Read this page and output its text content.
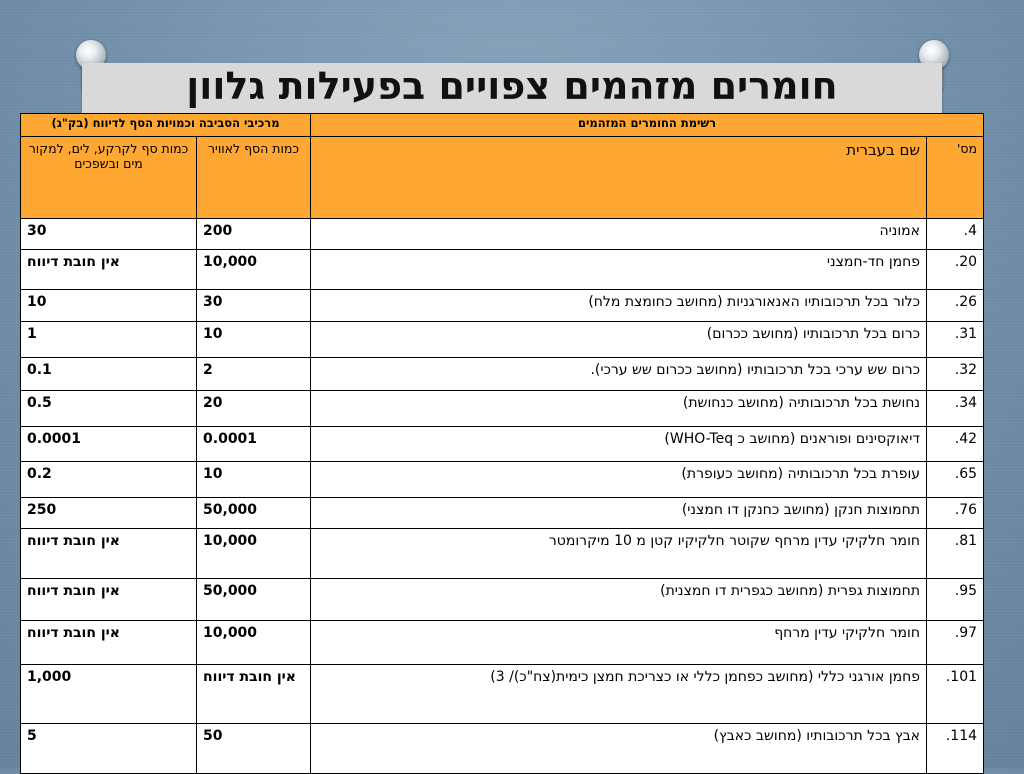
חומרים מזהמים צפויים בפעילות גלוון
רשימת החומרים המזהמים		מרכיבי הסביבה וכמויות הסף לדיווח (בק"ג)	
מס'	שם בעברית	כמות הסף לאוויר	כמות סף לקרקע, לים, למקור מים ובשפכים
4.	אמוניה	200	30
20.	פחמן חד-חמצני	10,000	אין חובת דיווח
26.	כלור בכל תרכובותיו האנאורגניות (מחושב כחומצת מלח)	30	10
31.	כרום בכל תרכובותיו (מחושב ככרום)	10	1
32.	כרום שש ערכי בכל תרכובותיו (מחושב ככרום שש ערכי).	2	0.1
34.	נחושת בכל תרכובותיה (מחושב כנחושת)	20	0.5
42.	דיאוקסינים ופוראנים (מחושב כ WHO-Teq)	0.0001	0.0001
65.	עופרת בכל תרכובותיה (מחושב כעופרת)	10	0.2
76.	תחמוצות חנקן (מחושב כחנקן דו חמצני)	50,000	250
81.	חומר חלקיקי עדין מרחף שקוטר חלקיקיו קטן מ 10 מיקרומטר	10,000	אין חובת דיווח
95.	תחמוצות גפרית (מחושב כגפרית דו חמצנית)	50,000	אין חובת דיווח
97.	חומר חלקיקי עדין מרחף	10,000	אין חובת דיווח
101.	פחמן אורגני כללי (מחושב כפחמן כללי או כצריכת חמצן כימית(צח"כ)/ 3)	אין חובת דיווח	1,000
114.	אבץ בכל תרכובותיו (מחושב כאבץ)	50	5
